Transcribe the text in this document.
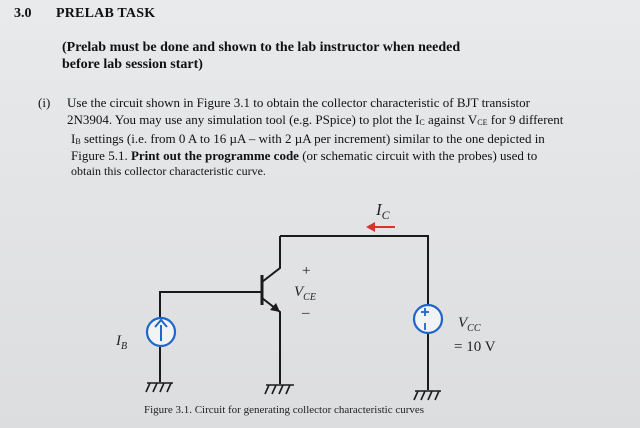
3.0 PRELAB TASK
(Prelab must be done and shown to the lab instructor when needed
before lab session start)
(i) Use the circuit shown in Figure 3.1 to obtain the collector characteristic of BJT transistor
2N3904. You may use any simulation tool (e.g. PSpice) to plot the $I_C$ against $V_{CE}$ for 9 different
$I_B$ settings (i.e. from 0 A to 16 µA – with 2 µA per increment) similar to the one depicted in
Figure 5.1. Print out the programme code (or schematic circuit with the probes) used to
obtain this collector characteristic curve.
$I_C$
+
$V_{CE}$
–
$I_B$
$V_{CC}$
= 10 V
Figure 3.1. Circuit for generating collector characteristic curves
